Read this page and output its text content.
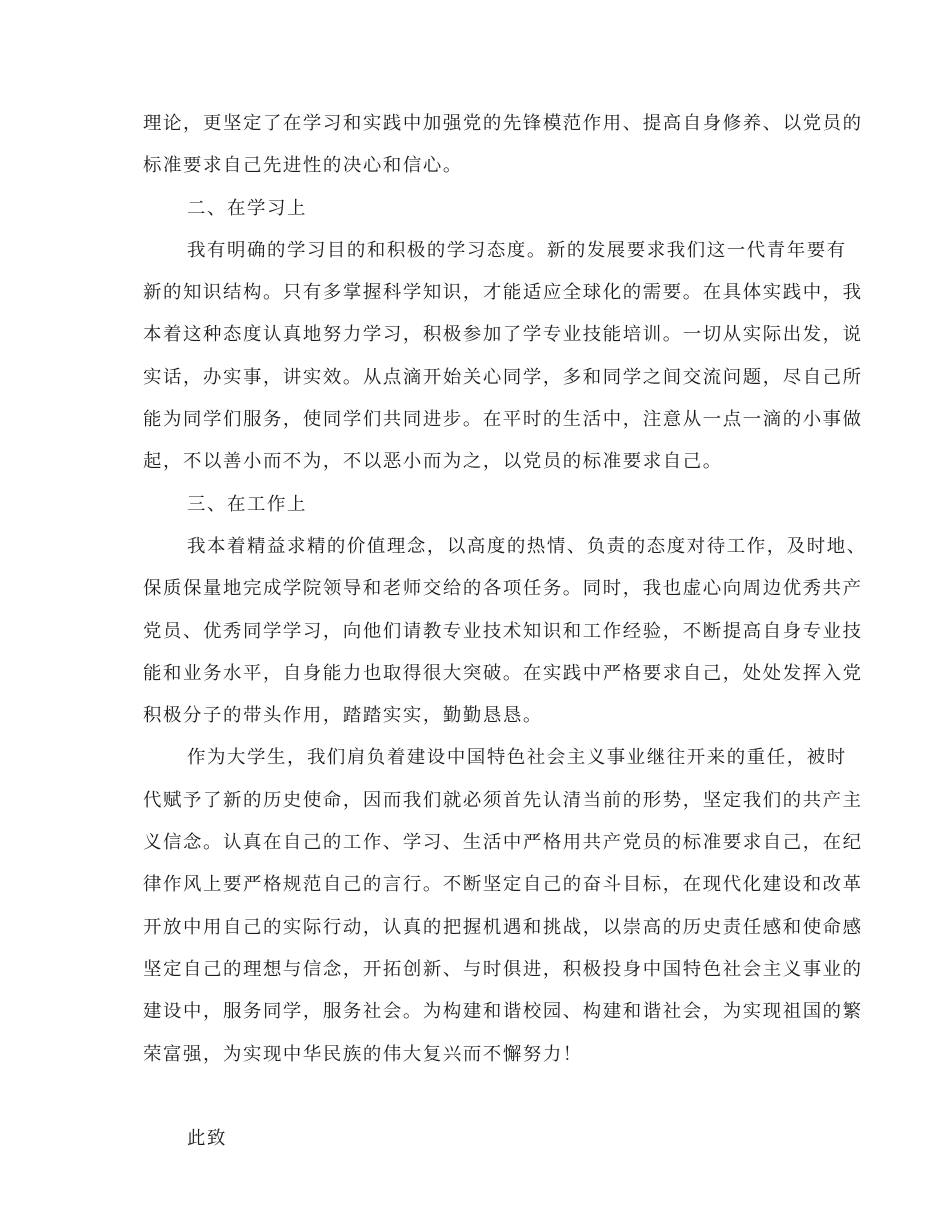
理论，更坚定了在学习和实践中加强党的先锋模范作用、提高自身修养、以党员的
标准要求自己先进性的决心和信心。
二、在学习上
我有明确的学习目的和积极的学习态度。新的发展要求我们这一代青年要有
新的知识结构。只有多掌握科学知识，才能适应全球化的需要。在具体实践中，我
本着这种态度认真地努力学习，积极参加了学专业技能培训。一切从实际出发，说
实话，办实事，讲实效。从点滴开始关心同学，多和同学之间交流问题，尽自己所
能为同学们服务，使同学们共同进步。在平时的生活中，注意从一点一滴的小事做
起，不以善小而不为，不以恶小而为之，以党员的标准要求自己。
三、在工作上
我本着精益求精的价值理念，以高度的热情、负责的态度对待工作，及时地、
保质保量地完成学院领导和老师交给的各项任务。同时，我也虚心向周边优秀共产
党员、优秀同学学习，向他们请教专业技术知识和工作经验，不断提高自身专业技
能和业务水平，自身能力也取得很大突破。在实践中严格要求自己，处处发挥入党
积极分子的带头作用，踏踏实实，勤勤恳恳。
作为大学生，我们肩负着建设中国特色社会主义事业继往开来的重任，被时
代赋予了新的历史使命，因而我们就必须首先认清当前的形势，坚定我们的共产主
义信念。认真在自己的工作、学习、生活中严格用共产党员的标准要求自己，在纪
律作风上要严格规范自己的言行。不断坚定自己的奋斗目标，在现代化建设和改革
开放中用自己的实际行动，认真的把握机遇和挑战，以崇高的历史责任感和使命感
坚定自己的理想与信念，开拓创新、与时俱进，积极投身中国特色社会主义事业的
建设中，服务同学，服务社会。为构建和谐校园、构建和谐社会，为实现祖国的繁
荣富强，为实现中华民族的伟大复兴而不懈努力！
此致
